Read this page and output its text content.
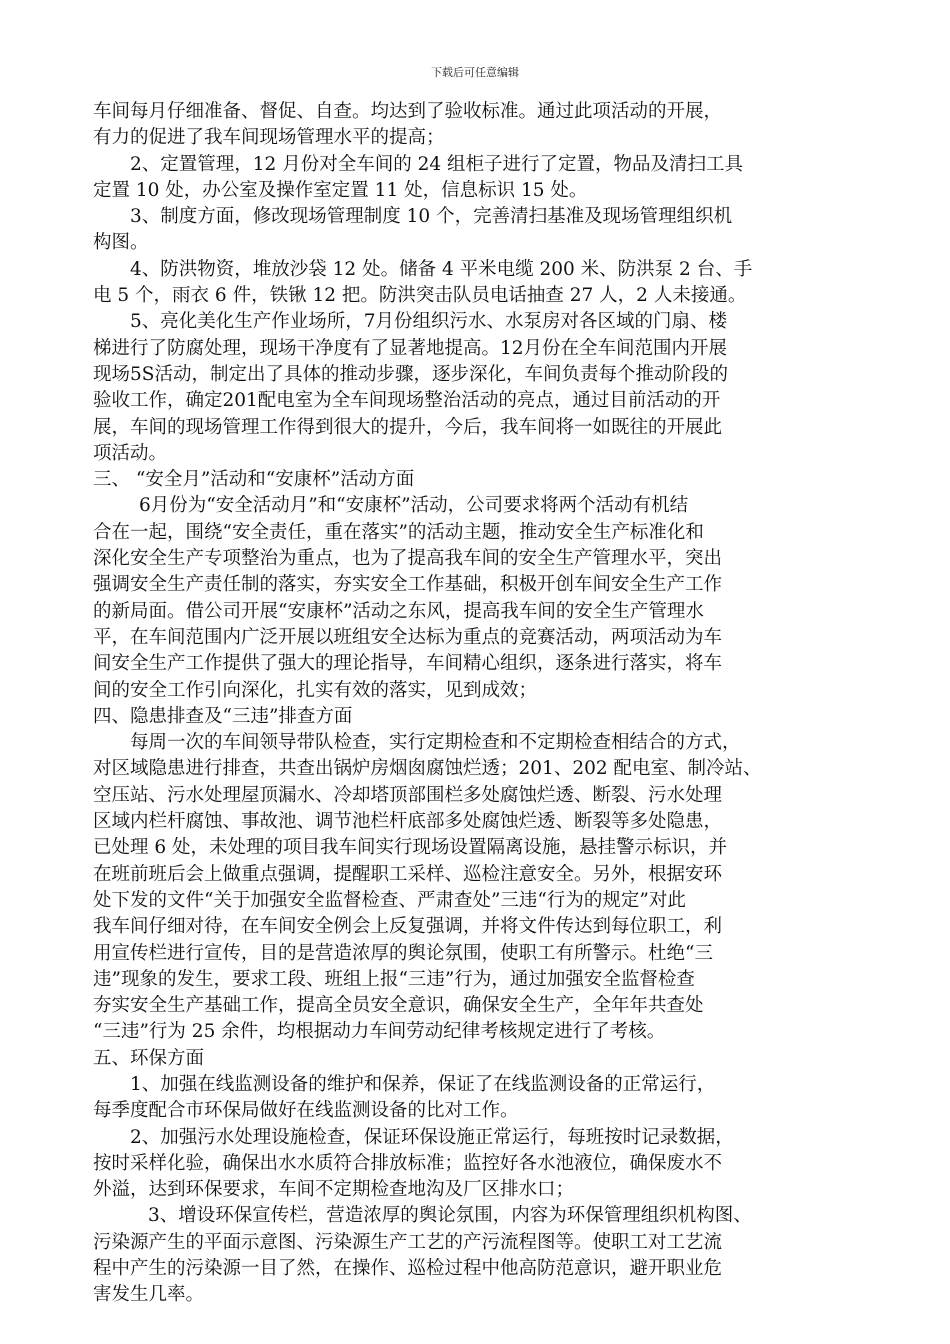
下载后可任意编辑
车间每月仔细准备、督促、自查。均达到了验收标准。通过此项活动的开展，
有力的促进了我车间现场管理水平的提高；
2、定置管理，12 月份对全车间的 24 组柜子进行了定置，物品及清扫工具
定置 10 处，办公室及操作室定置 11 处，信息标识 15 处。
3、制度方面，修改现场管理制度 10 个，完善清扫基准及现场管理组织机
构图。
4、防洪物资，堆放沙袋 12 处。储备 4 平米电缆 200 米、防洪泵 2 台、手
电 5 个，雨衣 6 件，铁锹 12 把。防洪突击队员电话抽查 27 人，2 人未接通。
5、亮化美化生产作业场所，7月份组织污水、水泵房对各区域的门扇、楼
梯进行了防腐处理，现场干净度有了显著地提高。12月份在全车间范围内开展
现场5S活动，制定出了具体的推动步骤，逐步深化，车间负责每个推动阶段的
验收工作，确定201配电室为全车间现场整治活动的亮点，通过目前活动的开
展，车间的现场管理工作得到很大的提升，今后，我车间将一如既往的开展此
项活动。
三、 “安全月”活动和“安康杯”活动方面
6月份为“安全活动月”和“安康杯”活动，公司要求将两个活动有机结
合在一起，围绕“安全责任，重在落实”的活动主题，推动安全生产标准化和
深化安全生产专项整治为重点，也为了提高我车间的安全生产管理水平，突出
强调安全生产责任制的落实，夯实安全工作基础，积极开创车间安全生产工作
的新局面。借公司开展“安康杯”活动之东风，提高我车间的安全生产管理水
平，在车间范围内广泛开展以班组安全达标为重点的竞赛活动，两项活动为车
间安全生产工作提供了强大的理论指导，车间精心组织，逐条进行落实，将车
间的安全工作引向深化，扎实有效的落实，见到成效；
四、隐患排查及“三违”排查方面
每周一次的车间领导带队检查，实行定期检查和不定期检查相结合的方式，
对区域隐患进行排查，共查出锅炉房烟囱腐蚀烂透；201、202 配电室、制冷站、
空压站、污水处理屋顶漏水、冷却塔顶部围栏多处腐蚀烂透、断裂、污水处理
区域内栏杆腐蚀、事故池、调节池栏杆底部多处腐蚀烂透、断裂等多处隐患，
已处理 6 处，未处理的项目我车间实行现场设置隔离设施，悬挂警示标识，并
在班前班后会上做重点强调，提醒职工采样、巡检注意安全。另外，根据安环
处下发的文件“关于加强安全监督检查、严肃查处”三违“行为的规定”对此
我车间仔细对待，在车间安全例会上反复强调，并将文件传达到每位职工，利
用宣传栏进行宣传，目的是营造浓厚的舆论氛围，使职工有所警示。杜绝“三
违”现象的发生，要求工段、班组上报“三违”行为，通过加强安全监督检查
夯实安全生产基础工作，提高全员安全意识，确保安全生产，全年年共查处
“三违”行为 25 余件，均根据动力车间劳动纪律考核规定进行了考核。
五、环保方面
1、加强在线监测设备的维护和保养，保证了在线监测设备的正常运行，
每季度配合市环保局做好在线监测设备的比对工作。
2、加强污水处理设施检查，保证环保设施正常运行，每班按时记录数据，
按时采样化验，确保出水水质符合排放标准；监控好各水池液位，确保废水不
外溢，达到环保要求，车间不定期检查地沟及厂区排水口；
3、增设环保宣传栏，营造浓厚的舆论氛围，内容为环保管理组织机构图、
污染源产生的平面示意图、污染源生产工艺的产污流程图等。使职工对工艺流
程中产生的污染源一目了然，在操作、巡检过程中他高防范意识，避开职业危
害发生几率。
